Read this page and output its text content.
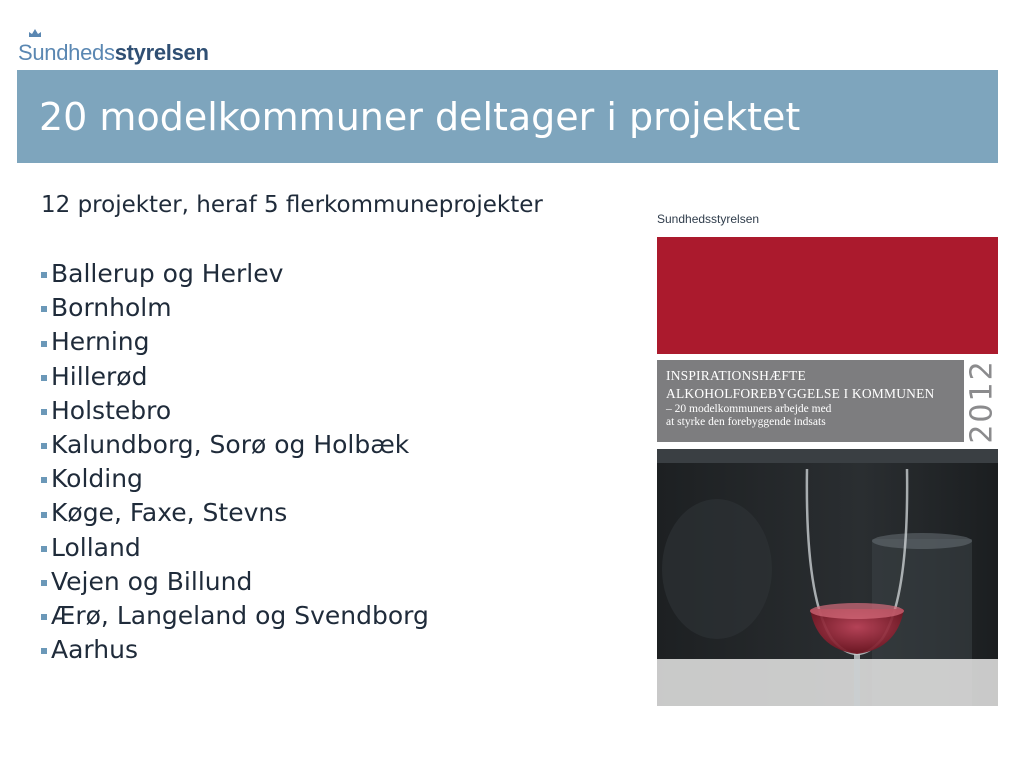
Sundheds styrelsen
20 modelkommuner deltager i projektet
12 projekter, heraf 5 flerkommuneprojekter
Ballerup og Herlev
Bornholm
Herning
Hillerød
Holstebro
Kalundborg, Sorø og Holbæk
Kolding
Køge, Faxe, Stevns
Lolland
Vejen og Billund
Ærø, Langeland og Svendborg
Aarhus
Sundhedsstyrelsen
INSPIRATIONSHÆFTE
ALKOHOLFOREBYGGELSE I KOMMUNEN
– 20 modelkommuners arbejde med
at styrke den forebyggende indsats	2012
